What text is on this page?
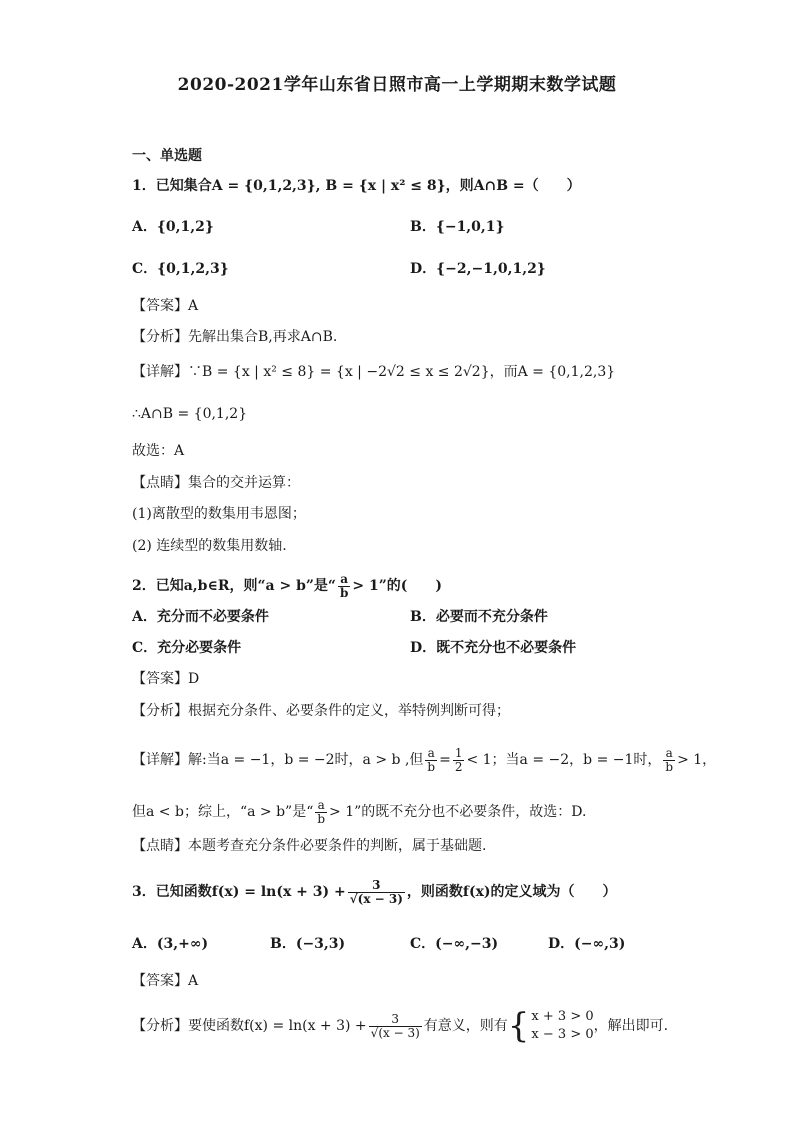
2020-2021学年山东省日照市高一上学期期末数学试题
一、单选题
1．已知集合A = {0,1,2,3}, B = {x | x² ≤ 8}，则A∩B =（　　）
A．{0,1,2}	B．{−1,0,1}
C．{0,1,2,3}	D．{−2,−1,0,1,2}
【答案】A
【分析】先解出集合B,再求A∩B.
【详解】∵B = {x | x² ≤ 8} = {x | −2√2 ≤ x ≤ 2√2}，而A = {0,1,2,3}
∴A∩B = {0,1,2}
故选：A
【点睛】集合的交并运算：
(1)离散型的数集用韦恩图；
(2) 连续型的数集用数轴.
2．已知a,b∈R，则“a > b”是“ $\frac{a}{b} > 1$”的(　　)
A．充分而不必要条件	B．必要而不充分条件
C．充分必要条件	D．既不充分也不必要条件
【答案】D
【分析】根据充分条件、必要条件的定义，举特例判断可得；
【详解】解:当a = −1，b = −2时，a > b ,但 $\frac{a}{b} = \frac{1}{2} < 1$；当a = −2，b = −1时， $\frac{a}{b} > 1$，
但a < b；综上，“a > b”是“ $\frac{a}{b} > 1$”的既不充分也不必要条件，故选：D.
【点睛】本题考查充分条件必要条件的判断，属于基础题.
3．已知函数$f(x) = \ln(x + 3) + \frac{3}{√(x - 3)}$ ，则函数f(x)的定义域为（　　）
A．(3,+∞)	B．(−3,3)	C．(−∞,−3)	D．(−∞,3)
【答案】A
【分析】要使函数$f(x) = \ln(x + 3) + \frac{3}{√(x - 3)}$ 有意义，则有{ x + 3 > 0
x − 3 > 0
，解出即可.
